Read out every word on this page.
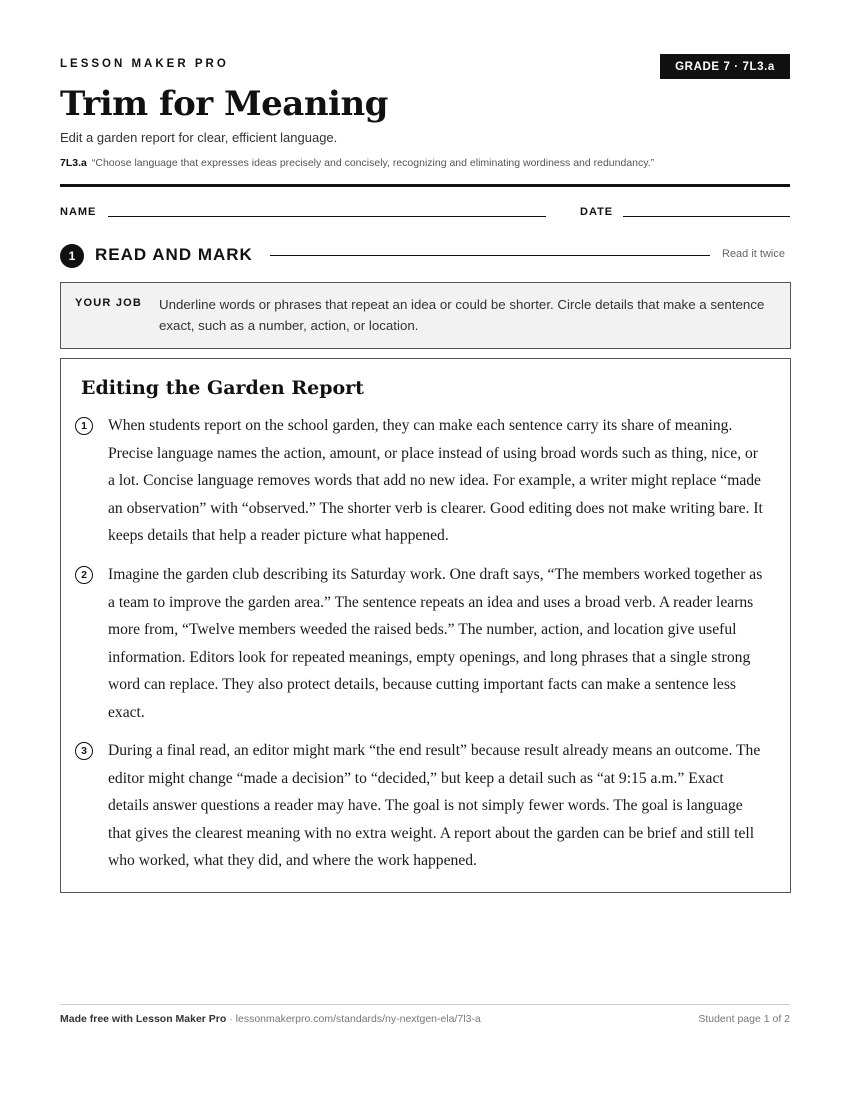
LESSON MAKER PRO	GRADE 7 · 7L3.a
Trim for Meaning
Edit a garden report for clear, efficient language.
7L3.a “Choose language that expresses ideas precisely and concisely, recognizing and eliminating wordiness and redundancy.”
NAME	DATE
1	READ AND MARK	Read it twice
YOUR JOB Underline words or phrases that repeat an idea or could be shorter. Circle details that make a sentence exact, such as a number, action, or location.
Editing the Garden Report
1	When students report on the school garden, they can make each sentence carry its share of meaning. Precise language names the action, amount, or place instead of using broad words such as thing, nice, or a lot. Concise language removes words that add no new idea. For example, a writer might replace “made an observation” with “observed.” The shorter verb is clearer. Good editing does not make writing bare. It keeps details that help a reader picture what happened.

2	Imagine the garden club describing its Saturday work. One draft says, “The members worked together as a team to improve the garden area.” The sentence repeats an idea and uses a broad verb. A reader learns more from, “Twelve members weeded the raised beds.” The number, action, and location give useful information. Editors look for repeated meanings, empty openings, and long phrases that a single strong word can replace. They also protect details, because cutting important facts can make a sentence less exact.

3	During a final read, an editor might mark “the end result” because result already means an outcome. The editor might change “made a decision” to “decided,” but keep a detail such as “at 9:15 a.m.” Exact details answer questions a reader may have. The goal is not simply fewer words. The goal is language that gives the clearest meaning with no extra weight. A report about the garden can be brief and still tell who worked, what they did, and where the work happened.

Made free with Lesson Maker Pro · lessonmakerpro.com/standards/ny-nextgen-ela/7l3-a	Student page 1 of 2
